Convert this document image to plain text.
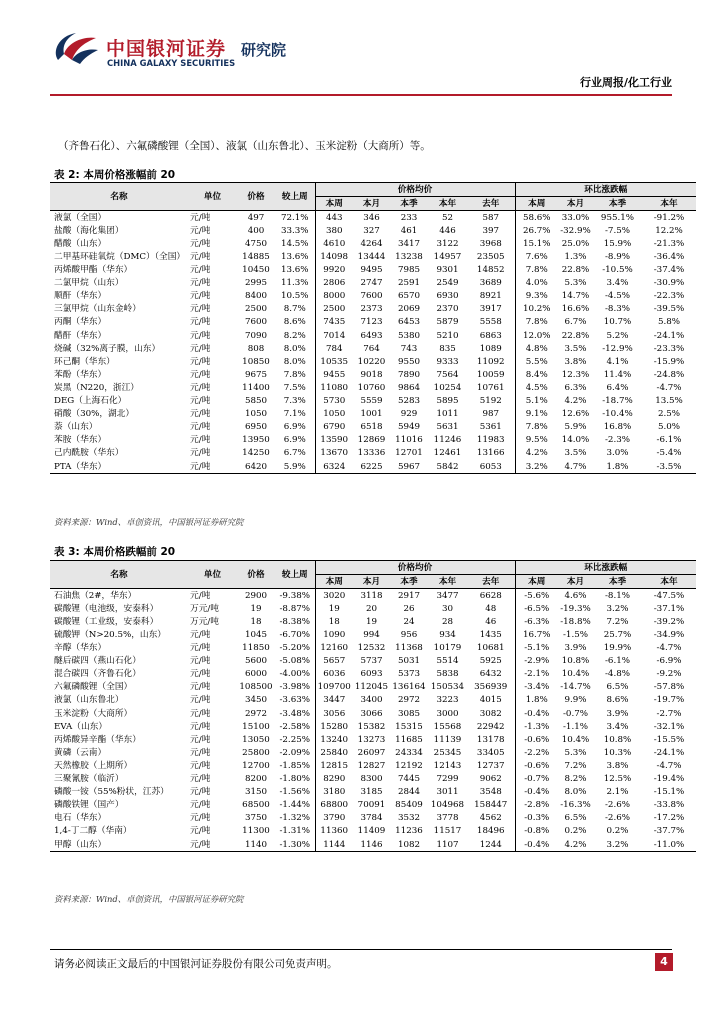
中国银河证券
CHINA GALAXY SECURITIES
研究院
行业周报/化工行业
（齐鲁石化）、六氟磷酸锂（全国）、液氯（山东鲁北）、玉米淀粉（大商所）等。
表 2: 本周价格涨幅前 20
名称	单位	价格	较上周	价格均价					环比涨跌幅			
				本周	本月	本季	本年	去年	本周	本月	本季	本年
液氯（全国）	元/吨	497	72.1%	443	346	233	52	587	58.6%	33.0%	955.1%	-91.2%
盐酸（海化集团）	元/吨	400	33.3%	380	327	461	446	397	26.7%	-32.9%	-7.5%	12.2%
醋酸（山东）	元/吨	4750	14.5%	4610	4264	3417	3122	3968	15.1%	25.0%	15.9%	-21.3%
二甲基环硅氧烷（DMC）（全国）	元/吨	14885	13.6%	14098	13444	13238	14957	23505	7.6%	1.3%	-8.9%	-36.4%
丙烯酸甲酯（华东）	元/吨	10450	13.6%	9920	9495	7985	9301	14852	7.8%	22.8%	-10.5%	-37.4%
二氯甲烷（山东）	元/吨	2995	11.3%	2806	2747	2591	2549	3689	4.0%	5.3%	3.4%	-30.9%
顺酐（华东）	元/吨	8400	10.5%	8000	7600	6570	6930	8921	9.3%	14.7%	-4.5%	-22.3%
三氯甲烷（山东金岭）	元/吨	2500	8.7%	2500	2373	2069	2370	3917	10.2%	16.6%	-8.3%	-39.5%
丙酮（华东）	元/吨	7600	8.6%	7435	7123	6453	5879	5558	7.8%	6.7%	10.7%	5.8%
醋酐（华东）	元/吨	7090	8.2%	7014	6493	5380	5210	6863	12.0%	22.8%	5.2%	-24.1%
烧碱（32%离子膜，山东）	元/吨	808	8.0%	784	764	743	835	1089	4.8%	3.5%	-12.9%	-23.3%
环己酮（华东）	元/吨	10850	8.0%	10535	10220	9550	9333	11092	5.5%	3.8%	4.1%	-15.9%
苯酚（华东）	元/吨	9675	7.8%	9455	9018	7890	7564	10059	8.4%	12.3%	11.4%	-24.8%
炭黑（N220，浙江）	元/吨	11400	7.5%	11080	10760	9864	10254	10761	4.5%	6.3%	6.4%	-4.7%
DEG（上海石化）	元/吨	5850	7.3%	5730	5559	5283	5895	5192	5.1%	4.2%	-18.7%	13.5%
硝酸（30%，湖北）	元/吨	1050	7.1%	1050	1001	929	1011	987	9.1%	12.6%	-10.4%	2.5%
萘（山东）	元/吨	6950	6.9%	6790	6518	5949	5631	5361	7.8%	5.9%	16.8%	5.0%
苯胺（华东）	元/吨	13950	6.9%	13590	12869	11016	11246	11983	9.5%	14.0%	-2.3%	-6.1%
己内酰胺（华东）	元/吨	14250	6.7%	13670	13336	12701	12461	13166	4.2%	3.5%	3.0%	-5.4%
PTA（华东）	元/吨	6420	5.9%	6324	6225	5967	5842	6053	3.2%	4.7%	1.8%	-3.5%
资料来源：Wind、卓创资讯，中国银河证券研究院
表 3: 本周价格跌幅前 20
名称	单位	价格	较上周	价格均价					环比涨跌幅			
				本周	本月	本季	本年	去年	本周	本月	本季	本年
石油焦（2#，华东）	元/吨	2900	-9.38%	3020	3118	2917	3477	6628	-5.6%	4.6%	-8.1%	-47.5%
碳酸锂（电池级，安泰科）	万元/吨	19	-8.87%	19	20	26	30	48	-6.5%	-19.3%	3.2%	-37.1%
碳酸锂（工业级，安泰科）	万元/吨	18	-8.38%	18	19	24	28	46	-6.3%	-18.8%	7.2%	-39.2%
硫酸钾（N>20.5%，山东）	元/吨	1045	-6.70%	1090	994	956	934	1435	16.7%	-1.5%	25.7%	-34.9%
辛醇（华东）	元/吨	11850	-5.20%	12160	12532	11368	10179	10681	-5.1%	3.9%	19.9%	-4.7%
醚后碳四（燕山石化）	元/吨	5600	-5.08%	5657	5737	5031	5514	5925	-2.9%	10.8%	-6.1%	-6.9%
混合碳四（齐鲁石化）	元/吨	6000	-4.00%	6036	6093	5373	5838	6432	-2.1%	10.4%	-4.8%	-9.2%
六氟磷酸锂（全国）	元/吨	108500	-3.98%	109700	112045	136164	150534	356939	-3.4%	-14.7%	6.5%	-57.8%
液氯（山东鲁北）	元/吨	3450	-3.63%	3447	3400	2972	3223	4015	1.8%	9.9%	8.6%	-19.7%
玉米淀粉（大商所）	元/吨	2972	-3.48%	3056	3066	3085	3000	3082	-0.4%	-0.7%	3.9%	-2.7%
EVA（山东）	元/吨	15100	-2.58%	15280	15382	15315	15568	22942	-1.3%	-1.1%	3.4%	-32.1%
丙烯酸异辛酯（华东）	元/吨	13050	-2.25%	13240	13273	11685	11139	13178	-0.6%	10.4%	10.8%	-15.5%
黄磷（云南）	元/吨	25800	-2.09%	25840	26097	24334	25345	33405	-2.2%	5.3%	10.3%	-24.1%
天然橡胶（上期所）	元/吨	12700	-1.85%	12815	12827	12192	12143	12737	-0.6%	7.2%	3.8%	-4.7%
三聚氰胺（临沂）	元/吨	8200	-1.80%	8290	8300	7445	7299	9062	-0.7%	8.2%	12.5%	-19.4%
磷酸一铵（55%粉状，江苏）	元/吨	3150	-1.56%	3180	3185	2844	3011	3548	-0.4%	8.0%	2.1%	-15.1%
磷酸铁锂（国产）	元/吨	68500	-1.44%	68800	70091	85409	104968	158447	-2.8%	-16.3%	-2.6%	-33.8%
电石（华东）	元/吨	3750	-1.32%	3790	3784	3532	3778	4562	-0.3%	6.5%	-2.6%	-17.2%
1,4-丁二醇（华南）	元/吨	11300	-1.31%	11360	11409	11236	11517	18496	-0.8%	0.2%	0.2%	-37.7%
甲醇（山东）	元/吨	1140	-1.30%	1144	1146	1082	1107	1244	-0.4%	4.2%	3.2%	-11.0%
资料来源：Wind、卓创资讯，中国银河证券研究院
请务必阅读正文最后的中国银河证券股份有限公司免责声明。	4
